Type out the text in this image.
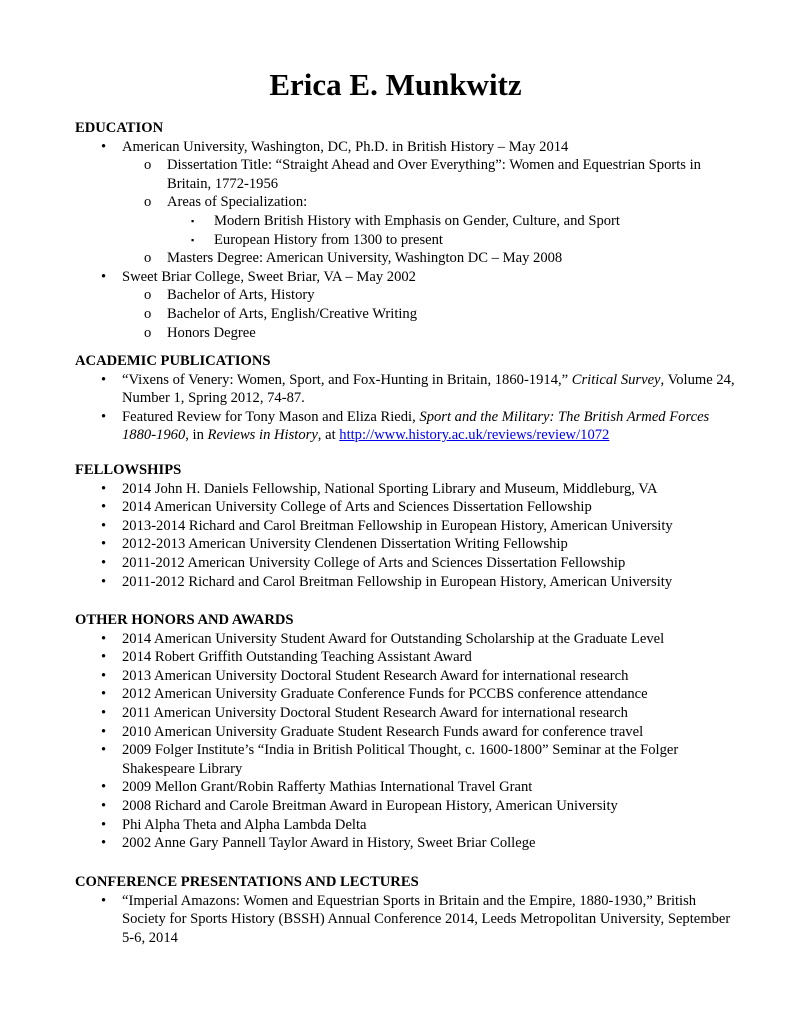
Erica E. Munkwitz

EDUCATION

• American University, Washington, DC, Ph.D. in British History – May 2014
o Dissertation Title: “Straight Ahead and Over Everything”: Women and Equestrian Sports in Britain, 1772-1956
o Areas of Specialization:
▪ Modern British History with Emphasis on Gender, Culture, and Sport
▪ European History from 1300 to present
o Masters Degree: American University, Washington DC – May 2008
• Sweet Briar College, Sweet Briar, VA – May 2002
o Bachelor of Arts, History
o Bachelor of Arts, English/Creative Writing
o Honors Degree

ACADEMIC PUBLICATIONS

• “Vixens of Venery: Women, Sport, and Fox-Hunting in Britain, 1860-1914,” Critical Survey, Volume 24, Number 1, Spring 2012, 74-87.
• Featured Review for Tony Mason and Eliza Riedi, Sport and the Military: The British Armed Forces 1880-1960, in Reviews in History, at http://www.history.ac.uk/reviews/review/1072

FELLOWSHIPS

• 2014 John H. Daniels Fellowship, National Sporting Library and Museum, Middleburg, VA
• 2014 American University College of Arts and Sciences Dissertation Fellowship
• 2013-2014 Richard and Carol Breitman Fellowship in European History, American University
• 2012-2013 American University Clendenen Dissertation Writing Fellowship
• 2011-2012 American University College of Arts and Sciences Dissertation Fellowship
• 2011-2012 Richard and Carol Breitman Fellowship in European History, American University

OTHER HONORS AND AWARDS

• 2014 American University Student Award for Outstanding Scholarship at the Graduate Level
• 2014 Robert Griffith Outstanding Teaching Assistant Award
• 2013 American University Doctoral Student Research Award for international research
• 2012 American University Graduate Conference Funds for PCCBS conference attendance
• 2011 American University Doctoral Student Research Award for international research
• 2010 American University Graduate Student Research Funds award for conference travel
• 2009 Folger Institute’s “India in British Political Thought, c. 1600-1800” Seminar at the Folger Shakespeare Library
• 2009 Mellon Grant/Robin Rafferty Mathias International Travel Grant
• 2008 Richard and Carole Breitman Award in European History, American University
• Phi Alpha Theta and Alpha Lambda Delta
• 2002 Anne Gary Pannell Taylor Award in History, Sweet Briar College

CONFERENCE PRESENTATIONS AND LECTURES

• “Imperial Amazons: Women and Equestrian Sports in Britain and the Empire, 1880-1930,” British Society for Sports History (BSSH) Annual Conference 2014, Leeds Metropolitan University, September 5-6, 2014
